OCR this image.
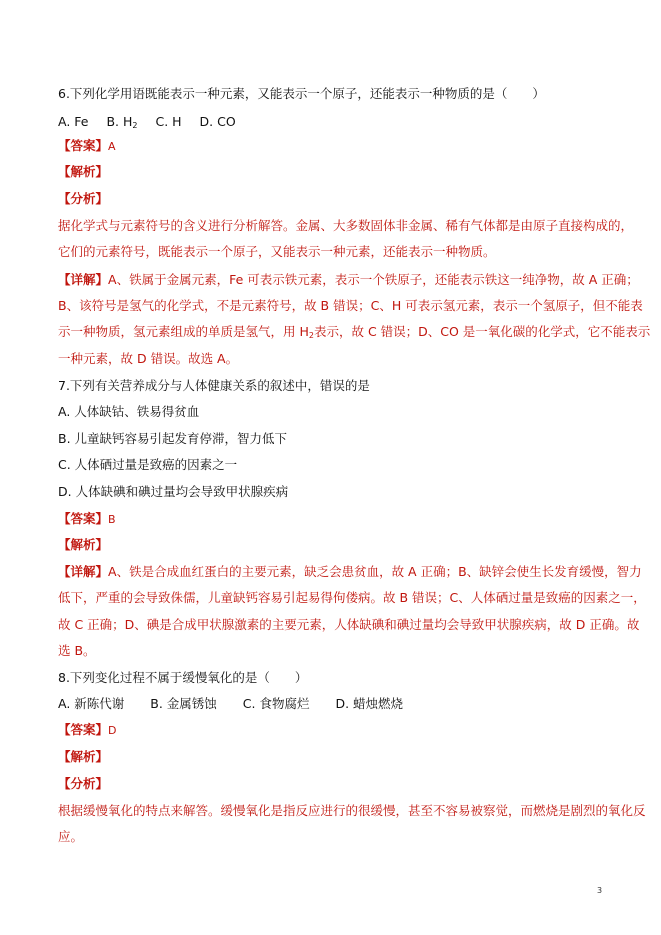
6.下列化学用语既能表示一种元素，又能表示一个原子，还能表示一种物质的是（　　）
A. Fe B. $H_2$ C. H D. CO
【答案】A
【解析】
【分析】
据化学式与元素符号的含义进行分析解答。金属、大多数固体非金属、稀有气体都是由原子直接构成的，
它们的元素符号，既能表示一个原子，又能表示一种元素，还能表示一种物质。
【详解】A、铁属于金属元素，Fe 可表示铁元素，表示一个铁原子，还能表示铁这一纯净物，故 A 正确；
B、该符号是氢气的化学式，不是元素符号，故 B 错误；C、H 可表示氢元素，表示一个氢原子，但不能表
示一种物质，氢元素组成的单质是氢气，用 $H_2$表示，故 C 错误；D、CO 是一氧化碳的化学式，它不能表示
一种元素，故 D 错误。故选 A。
7.下列有关营养成分与人体健康关系的叙述中，错误的是
A. 人体缺钴、铁易得贫血
B. 儿童缺钙容易引起发育停滞，智力低下
C. 人体硒过量是致癌的因素之一
D. 人体缺碘和碘过量均会导致甲状腺疾病
【答案】B
【解析】
【详解】A、铁是合成血红蛋白的主要元素，缺乏会患贫血，故 A 正确；B、缺锌会使生长发育缓慢，智力
低下，严重的会导致侏儒，儿童缺钙容易引起易得佝偻病。故 B 错误；C、人体硒过量是致癌的因素之一，
故 C 正确；D、碘是合成甲状腺激素的主要元素，人体缺碘和碘过量均会导致甲状腺疾病，故 D 正确。故
选 B。
8.下列变化过程不属于缓慢氧化的是（　　）
A. 新陈代谢 B. 金属锈蚀 C. 食物腐烂 D. 蜡烛燃烧
【答案】D
【解析】
【分析】
根据缓慢氧化的特点来解答。缓慢氧化是指反应进行的很缓慢，甚至不容易被察觉，而燃烧是剧烈的氧化反
应。
3
